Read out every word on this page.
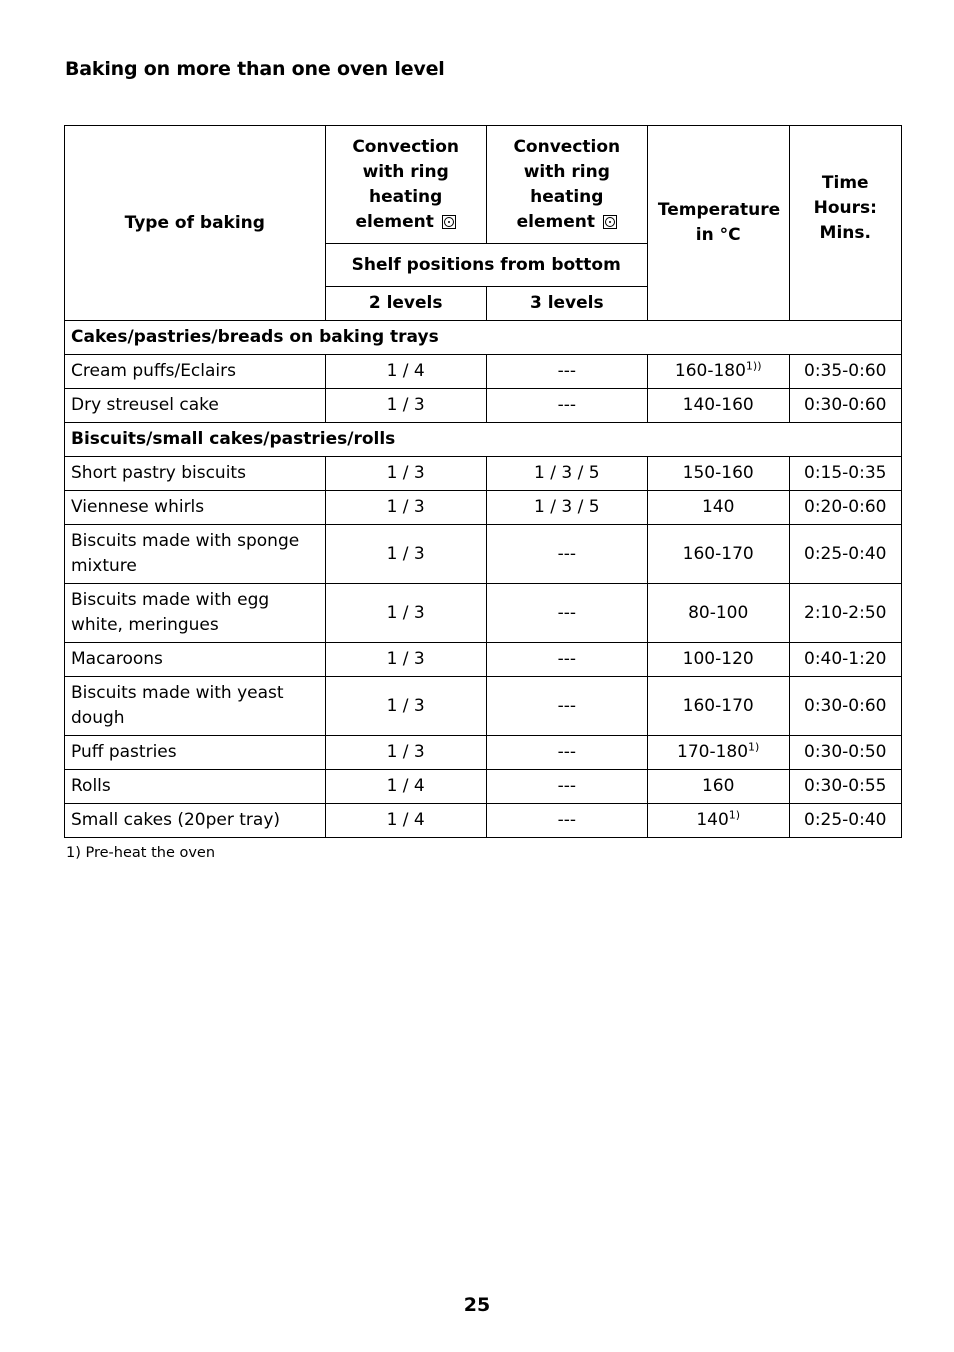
Baking on more than one oven level
Type of baking	Convection with ring heating element	Convection with ring heating element	Temperature in °C	Time Hours: Mins.

	Shelf positions from bottom			
	2 levels	3 levels		
Cakes/pastries/breads on baking trays				
Cream puffs/Eclairs	1 / 4	---	160-180$^{1))}$	0:35-0:60
Dry streusel cake	1 / 3	---	140-160	0:30-0:60
Biscuits/small cakes/pastries/rolls				
Short pastry biscuits	1 / 3	1 / 3 / 5	150-160	0:15-0:35
Viennese whirls	1 / 3	1 / 3 / 5	140	0:20-0:60
Biscuits made with sponge mixture	1 / 3	---	160-170	0:25-0:40
Biscuits made with egg white, meringues	1 / 3	---	80-100	2:10-2:50
Macaroons	1 / 3	---	100-120	0:40-1:20
Biscuits made with yeast dough	1 / 3	---	160-170	0:30-0:60
Puff pastries	1 / 3	---	170-180$^{1)}$	0:30-0:50
Rolls	1 / 4	---	160	0:30-0:55
Small cakes (20per tray)	1 / 4	---	140$^{1)}$	0:25-0:40
1) Pre-heat the oven
25
